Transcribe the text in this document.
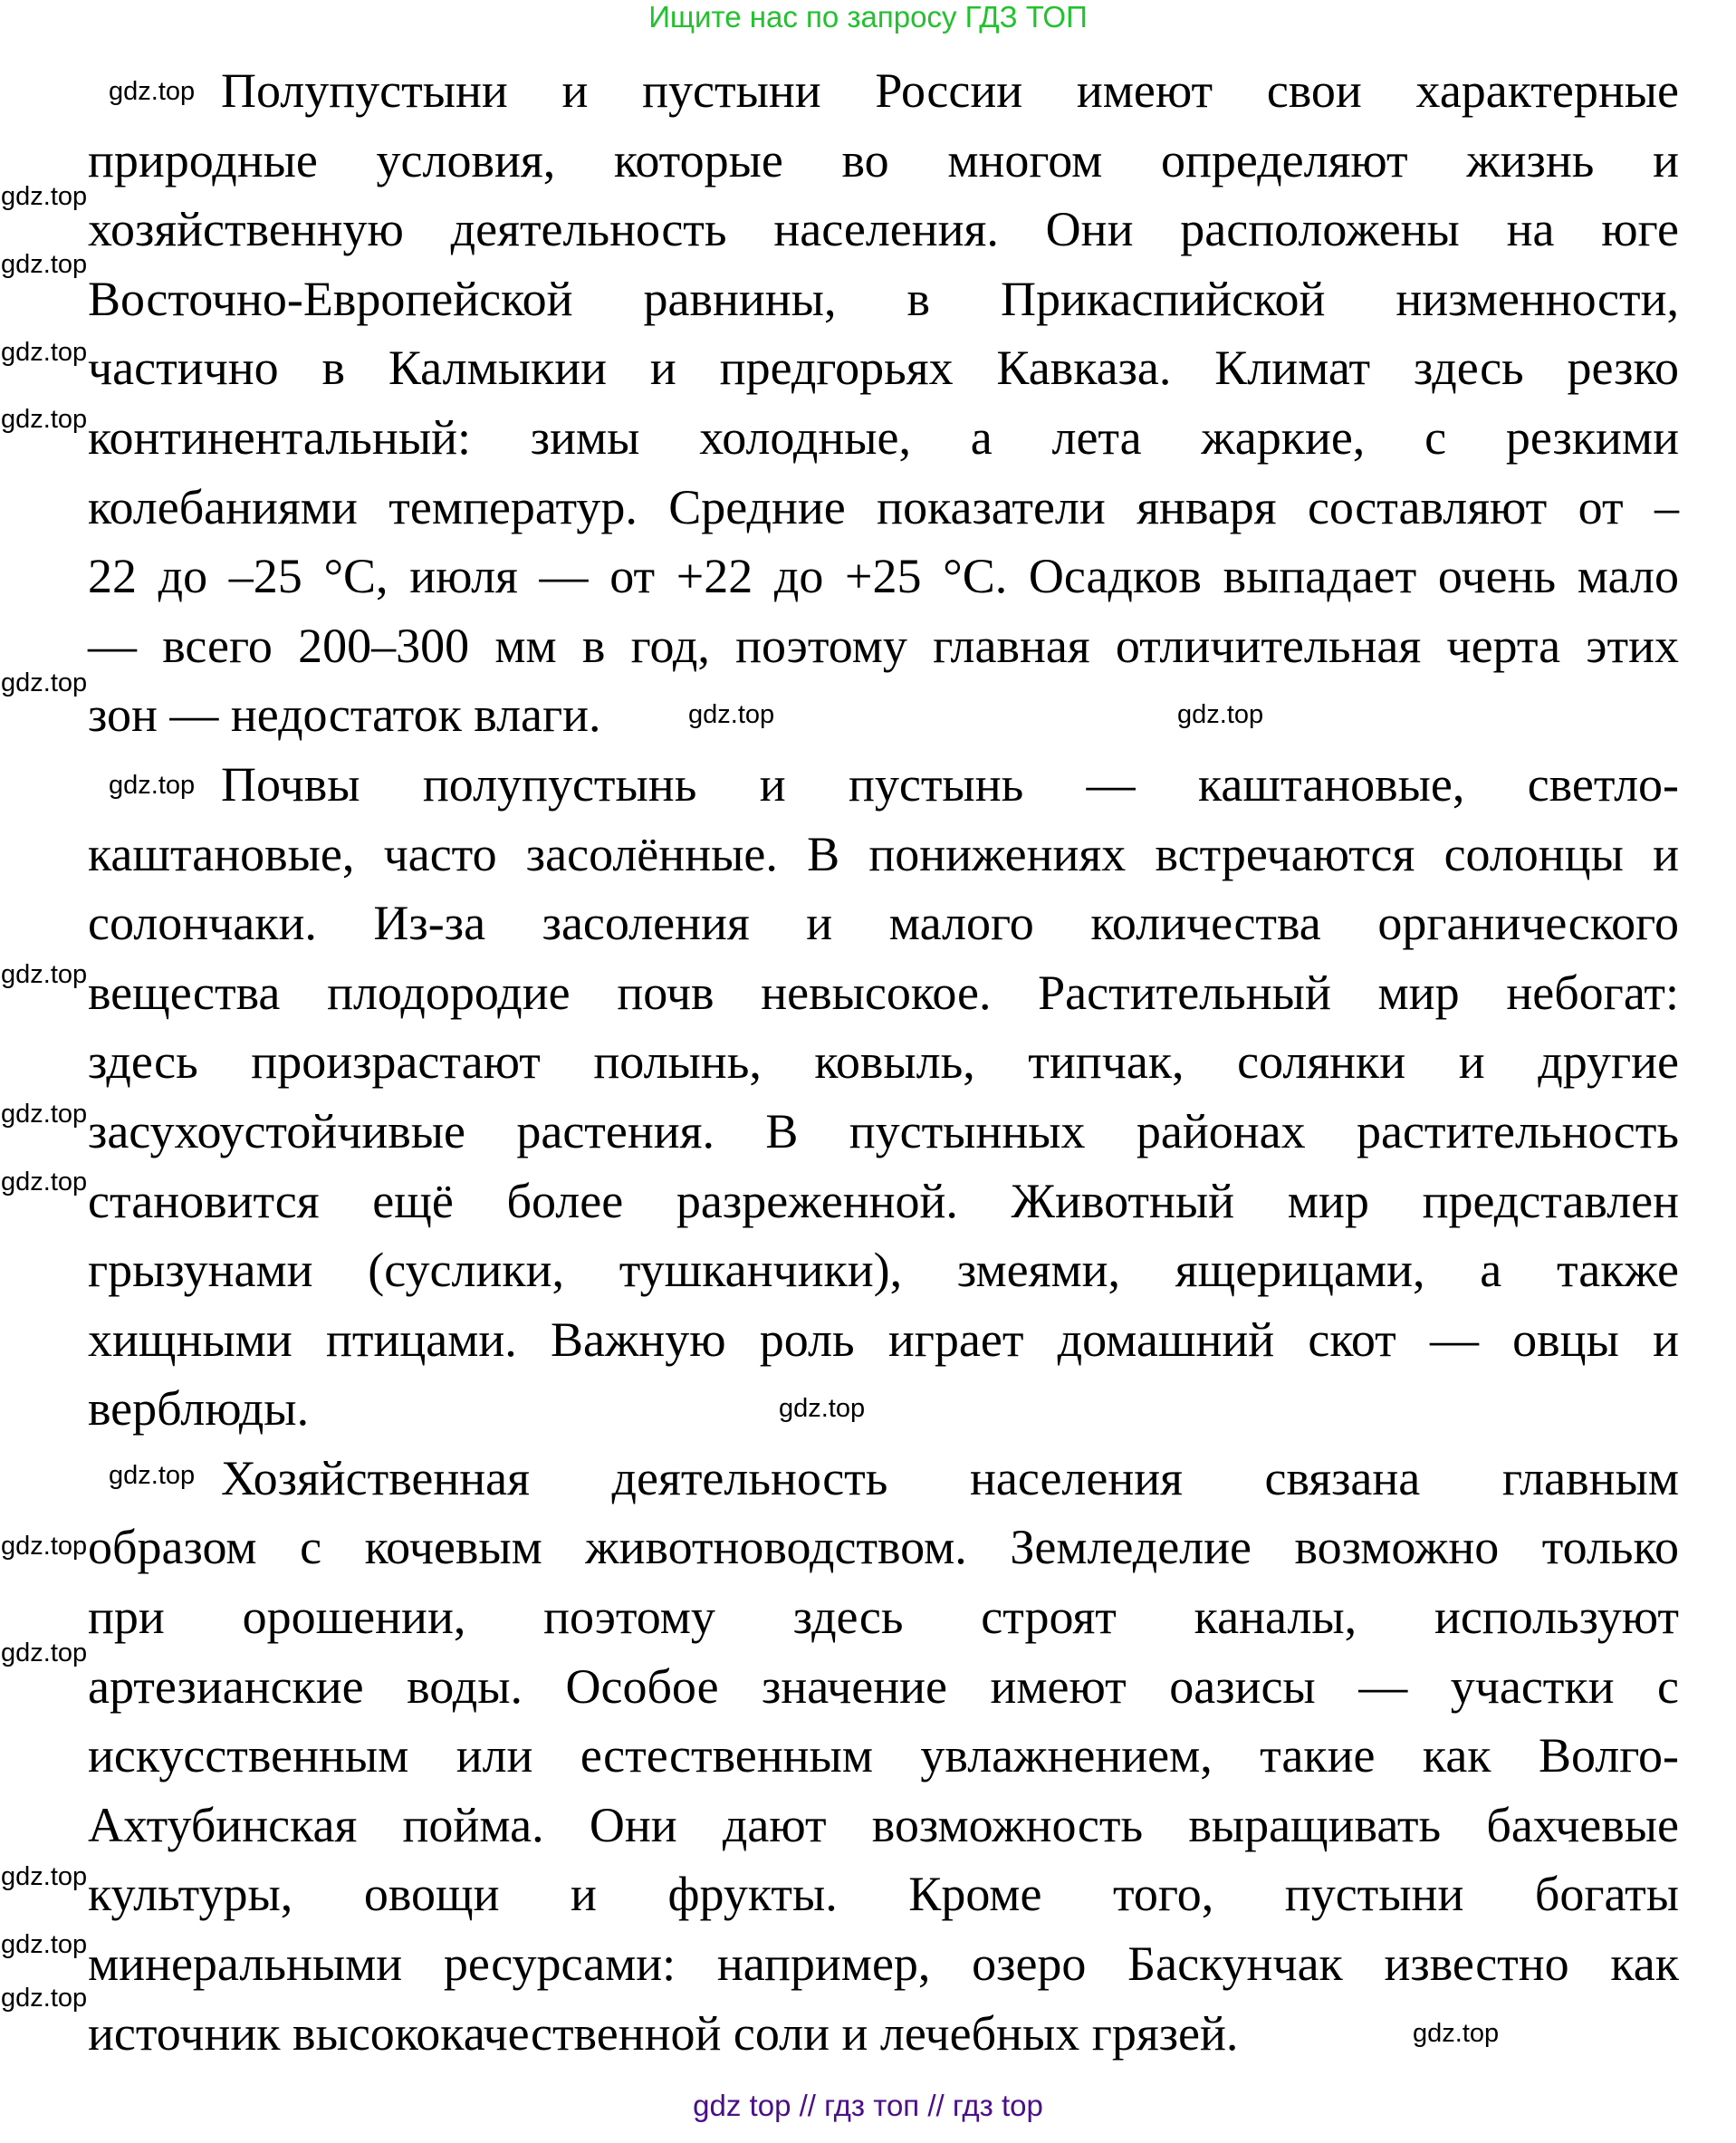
Ищите нас по запросу ГДЗ ТОП
Полупустыни и пустыни России имеют свои характерные
природные условия, которые во многом определяют жизнь и
хозяйственную деятельность населения. Они расположены на юге
Восточно-Европейской равнины, в Прикаспийской низменности,
частично в Калмыкии и предгорьях Кавказа. Климат здесь резко
континентальный: зимы холодные, а лета жаркие, с резкими
колебаниями температур. Средние показатели января составляют от –
22 до –25 °С, июля — от +22 до +25 °С. Осадков выпадает очень мало
— всего 200–300 мм в год, поэтому главная отличительная черта этих
зон — недостаток влаги.
Почвы полупустынь и пустынь — каштановые, светло-
каштановые, часто засолённые. В понижениях встречаются солонцы и
солончаки. Из-за засоления и малого количества органического
вещества плодородие почв невысокое. Растительный мир небогат:
здесь произрастают полынь, ковыль, типчак, солянки и другие
засухоустойчивые растения. В пустынных районах растительность
становится ещё более разреженной. Животный мир представлен
грызунами (суслики, тушканчики), змеями, ящерицами, а также
хищными птицами. Важную роль играет домашний скот — овцы и
верблюды.
Хозяйственная деятельность населения связана главным
образом с кочевым животноводством. Земледелие возможно только
при орошении, поэтому здесь строят каналы, используют
артезианские воды. Особое значение имеют оазисы — участки с
искусственным или естественным увлажнением, такие как Волго-
Ахтубинская пойма. Они дают возможность выращивать бахчевые
культуры, овощи и фрукты. Кроме того, пустыни богаты
минеральными ресурсами: например, озеро Баскунчак известно как
источник высококачественной соли и лечебных грязей.
gdz.top
gdz.top
gdz.top
gdz.top
gdz.top
gdz.top
gdz.top	gdz.top
gdz.top
gdz.top
gdz.top
gdz.top
gdz.top
gdz.top
gdz.top
gdz.top
gdz.top
gdz.top
gdz.top
gdz.top
gdz top // гдз топ // гдз top
